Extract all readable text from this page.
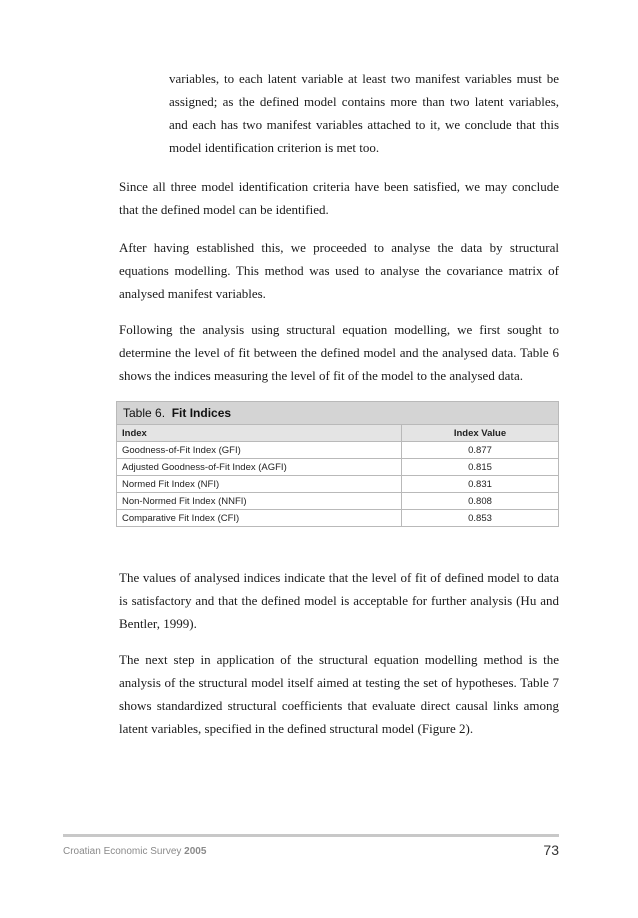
variables, to each latent variable at least two manifest variables must be assigned; as the defined model contains more than two latent variables, and each has two manifest variables attached to it, we conclude that this model identification criterion is met too.

Since all three model identification criteria have been satisfied, we may conclude that the defined model can be identified.

After having established this, we proceeded to analyse the data by structural equations modelling. This method was used to analyse the covariance matrix of analysed manifest variables.

Following the analysis using structural equation modelling, we first sought to determine the level of fit between the defined model and the analysed data. Table 6 shows the indices measuring the level of fit of the model to the analysed data.

Table 6. Fit Indices
Index	Index Value
Goodness-of-Fit Index (GFI)	0.877
Adjusted Goodness-of-Fit Index (AGFI)	0.815
Normed Fit Index (NFI)	0.831
Non-Normed Fit Index (NNFI)	0.808
Comparative Fit Index (CFI)	0.853

The values of analysed indices indicate that the level of fit of defined model to data is satisfactory and that the defined model is acceptable for further analysis (Hu and Bentler, 1999).

The next step in application of the structural equation modelling method is the analysis of the structural model itself aimed at testing the set of hypotheses. Table 7 shows standardized structural coefficients that evaluate direct causal links among latent variables, specified in the defined structural model (Figure 2).

Croatian Economic Survey 2005	73
